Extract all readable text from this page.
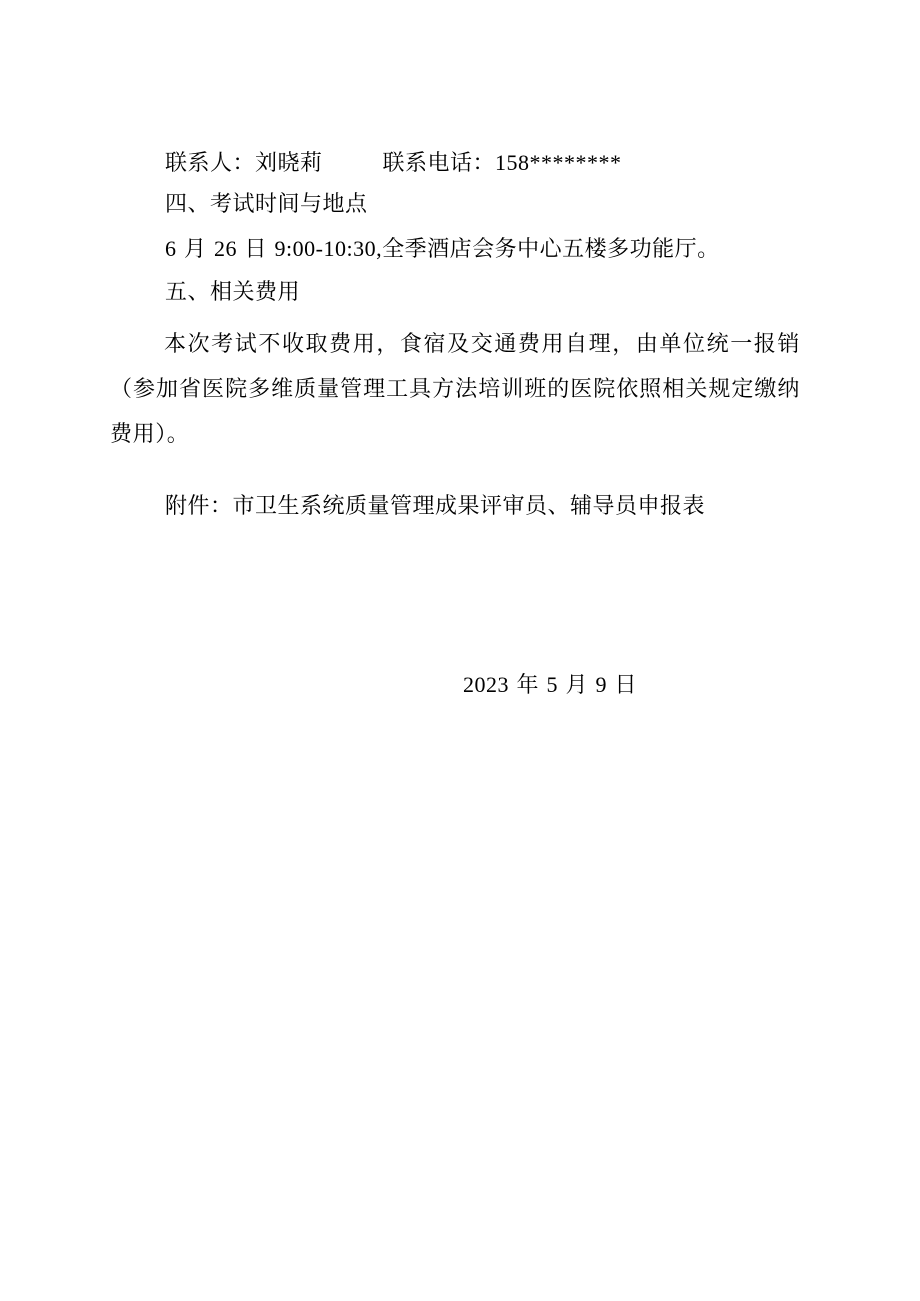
联系人：刘晓莉	联系电话：158********
四、考试时间与地点
6 月 26 日 9:00-10:30,全季酒店会务中心五楼多功能厅。
五、相关费用
本次考试不收取费用，食宿及交通费用自理，由单位统一报销（参加省医院多维质量管理工具方法培训班的医院依照相关规定缴纳费用）。
附件：市卫生系统质量管理成果评审员、辅导员申报表
2023 年 5 月 9 日
